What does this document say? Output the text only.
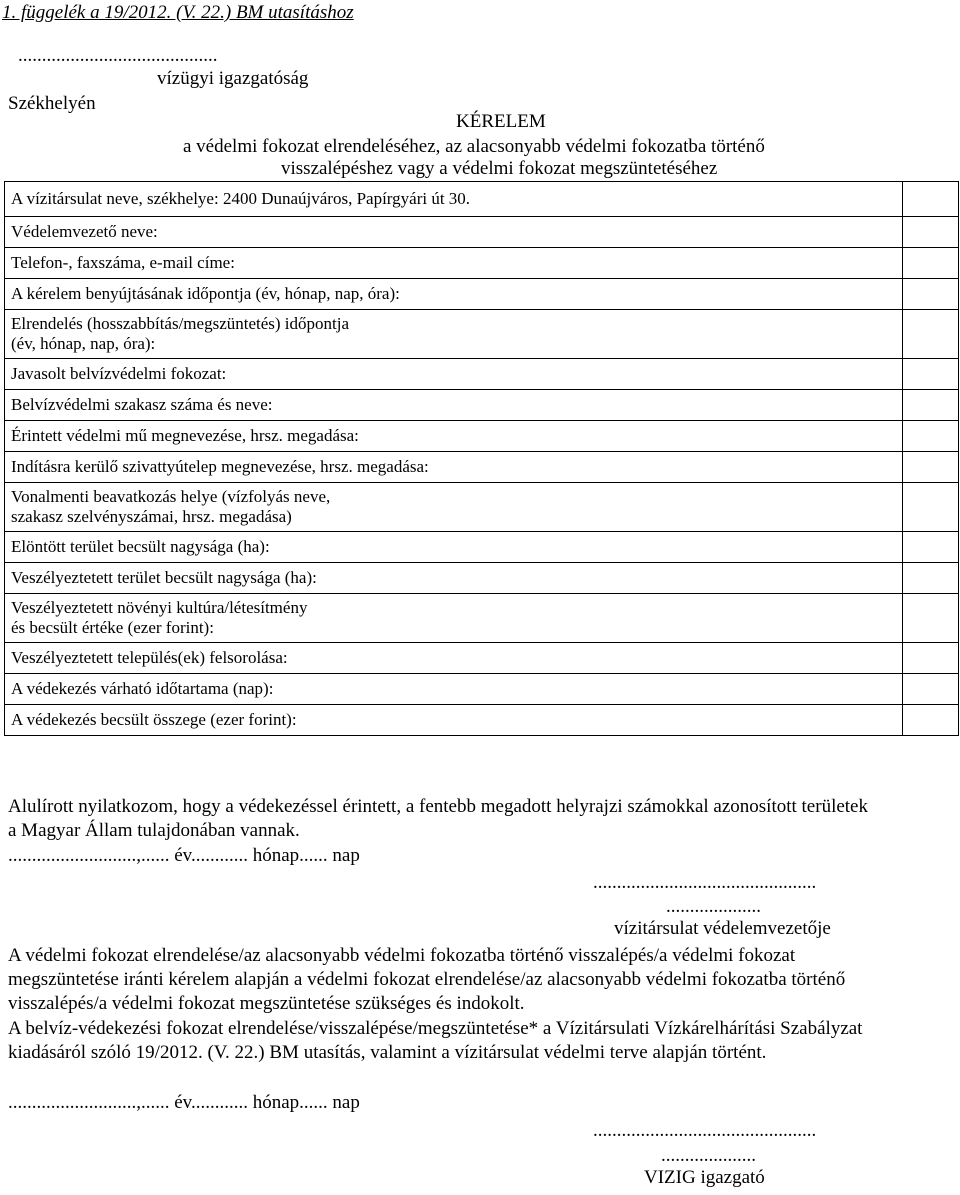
1. függelék a 19/2012. (V. 22.) BM utasításhoz
..........................................
vízügyi igazgatóság
Székhelyén
KÉRELEM
a védelmi fokozat elrendeléséhez, az alacsonyabb védelmi fokozatba történő
visszalépéshez vagy a védelmi fokozat megszüntetéséhez
A vízitársulat neve, székhelye: 2400 Dunaújváros, Papírgyári út 30.	

Védelemvezető neve:	

Telefon-, faxszáma, e-mail címe:	

A kérelem benyújtásának időpontja (év, hónap, nap, óra):	

Elrendelés (hosszabbítás/megszüntetés) időpontja
(év, hónap, nap, óra):	

Javasolt belvízvédelmi fokozat:	

Belvízvédelmi szakasz száma és neve:	

Érintett védelmi mű megnevezése, hrsz. megadása:	

Indításra kerülő szivattyútelep megnevezése, hrsz. megadása:	

Vonalmenti beavatkozás helye (vízfolyás neve,
szakasz szelvényszámai, hrsz. megadása)	

Elöntött terület becsült nagysága (ha):	

Veszélyeztetett terület becsült nagysága (ha):	

Veszélyeztetett növényi kultúra/létesítmény
és becsült értéke (ezer forint):	

Veszélyeztetett település(ek) felsorolása:	

A védekezés várható időtartama (nap):	

A védekezés becsült összege (ezer forint):	

Alulírott nyilatkozom, hogy a védekezéssel érintett, a fentebb megadott helyrajzi számokkal azonosított területek a Magyar Állam tulajdonában vannak.

...........................,...... év............ hónap...... nap
...............................................
....................
vízitársulat védelemvezetője

A védelmi fokozat elrendelése/az alacsonyabb védelmi fokozatba történő visszalépés/a védelmi fokozat megszüntetése iránti kérelem alapján a védelmi fokozat elrendelése/az alacsonyabb védelmi fokozatba történő visszalépés/a védelmi fokozat megszüntetése szükséges és indokolt.

A belvíz-védekezési fokozat elrendelése/visszalépése/megszüntetése* a Vízitársulati Vízkárelhárítási Szabályzat kiadásáról szóló 19/2012. (V. 22.) BM utasítás, valamint a vízitársulat védelmi terve alapján történt.

...........................,...... év............ hónap...... nap
...............................................
....................
VIZIG igazgató
